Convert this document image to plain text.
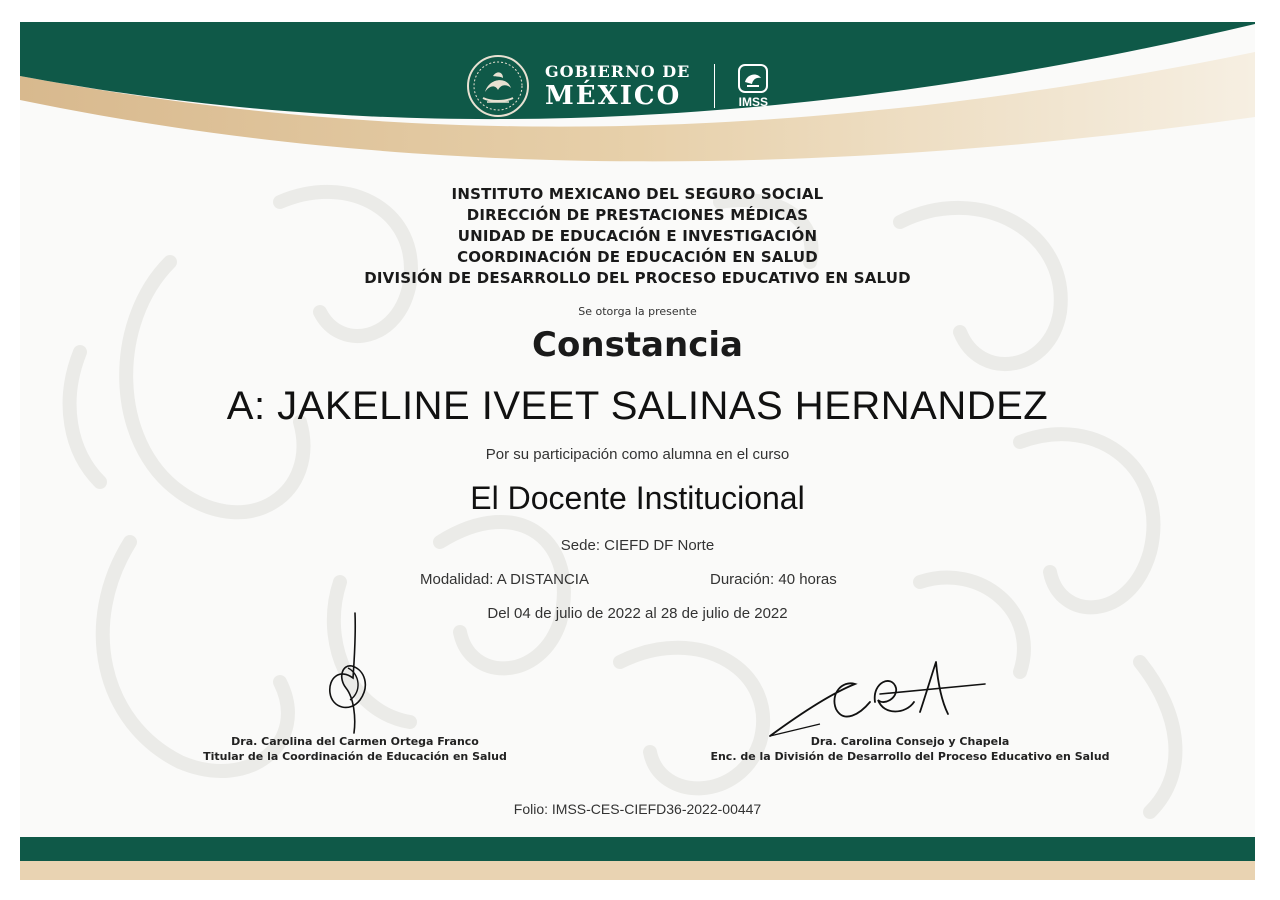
GOBIERNO DE
MÉXICO	IMSS
INSTITUTO MEXICANO DEL SEGURO SOCIAL
DIRECCIÓN DE PRESTACIONES MÉDICAS
UNIDAD DE EDUCACIÓN E INVESTIGACIÓN
COORDINACIÓN DE EDUCACIÓN EN SALUD
DIVISIÓN DE DESARROLLO DEL PROCESO EDUCATIVO EN SALUD
Se otorga la presente
Constancia
A: JAKELINE IVEET SALINAS HERNANDEZ
Por su participación como alumna en el curso
El Docente Institucional
Sede: CIEFD DF Norte
Modalidad: A DISTANCIA	Duración: 40 horas
Del 04 de julio de 2022 al 28 de julio de 2022
Dra. Carolina del Carmen Ortega Franco
Titular de la Coordinación de Educación en Salud
Dra. Carolina Consejo y Chapela
Enc. de la División de Desarrollo del Proceso Educativo en Salud
Folio: IMSS-CES-CIEFD36-2022-00447
